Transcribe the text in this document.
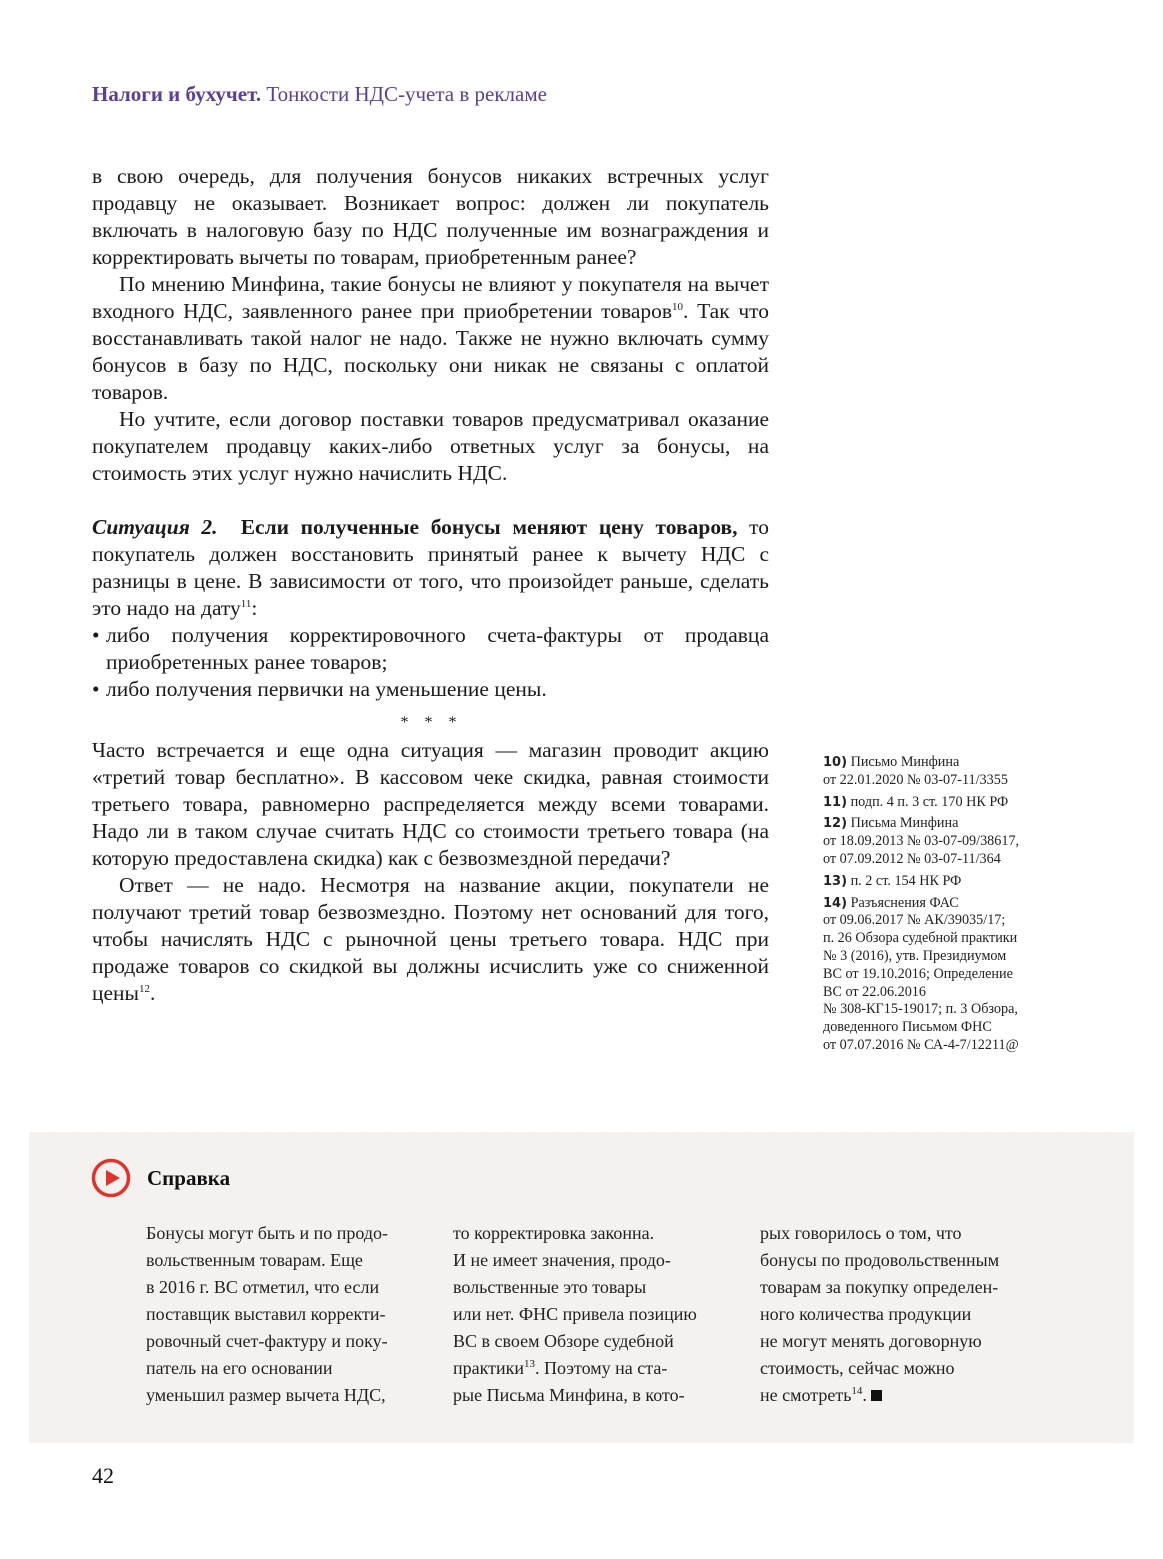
Налоги и бухучет. Тонкости НДС-учета в рекламе

в свою очередь, для получения бонусов никаких встречных услуг продавцу не оказывает. Возникает вопрос: должен ли покупатель включать в налоговую базу по НДС полученные им вознаграждения и корректировать вычеты по товарам, приобретенным ранее?

По мнению Минфина, такие бонусы не влияют у покупателя на вычет входного НДС, заявленного ранее при приобретении товаров$^{10}$. Так что восстанавливать такой налог не надо. Также не нужно включать сумму бонусов в базу по НДС, поскольку они никак не связаны с оплатой товаров.

Но учтите, если договор поставки товаров предусматривал оказание покупателем продавцу каких-либо ответных услуг за бонусы, на стоимость этих услуг нужно начислить НДС.

Ситуация 2. Если полученные бонусы меняют цену товаров, то покупатель должен восстановить принятый ранее к вычету НДС с разницы в цене. В зависимости от того, что произойдет раньше, сделать это надо на дату$^{11}$:

• либо получения корректировочного счета-фактуры от продавца приобретенных ранее товаров;
• либо получения первички на уменьшение цены.
* * *

Часто встречается и еще одна ситуация — магазин проводит акцию «третий товар бесплатно». В кассовом чеке скидка, равная стоимости третьего товара, равномерно распределяется между всеми товарами. Надо ли в таком случае считать НДС со стоимости третьего товара (на которую предоставлена скидка) как с безвозмездной передачи?

Ответ — не надо. Несмотря на название акции, покупатели не получают третий товар безвозмездно. Поэтому нет оснований для того, чтобы начислять НДС с рыночной цены третьего товара. НДС при продаже товаров со скидкой вы должны исчислить уже со сниженной цены$^{12}$.

10) Письмо Минфина
от 22.01.2020 № 03-07-11/3355
11) подп. 4 п. 3 ст. 170 НК РФ
12) Письма Минфина
от 18.09.2013 № 03-07-09/38617,
от 07.09.2012 № 03-07-11/364
13) п. 2 ст. 154 НК РФ
14) Разъяснения ФАС
от 09.06.2017 № АК/39035/17;
п. 26 Обзора судебной практики
№ 3 (2016), утв. Президиумом
ВС от 19.10.2016; Определение
ВС от 22.06.2016
№ 308-КГ15-19017; п. 3 Обзора,
доведенного Письмом ФНС
от 07.07.2016 № СА-4-7/12211@
Справка
Бонусы могут быть и по продо-
вольственным товарам. Еще
в 2016 г. ВС отметил, что если
поставщик выставил корректи-
ровочный счет-фактуру и поку-
патель на его основании
уменьшил размер вычета НДС,
то корректировка законна.
И не имеет значения, продо-
вольственные это товары
или нет. ФНС привела позицию
ВС в своем Обзоре судебной
практики$^{13}$. Поэтому на ста-
рые Письма Минфина, в кото-
рых говорилось о том, что
бонусы по продовольственным
товарам за покупку определен-
ного количества продукции
не могут менять договорную
стоимость, сейчас можно
не смотреть$^{14}$.
42
